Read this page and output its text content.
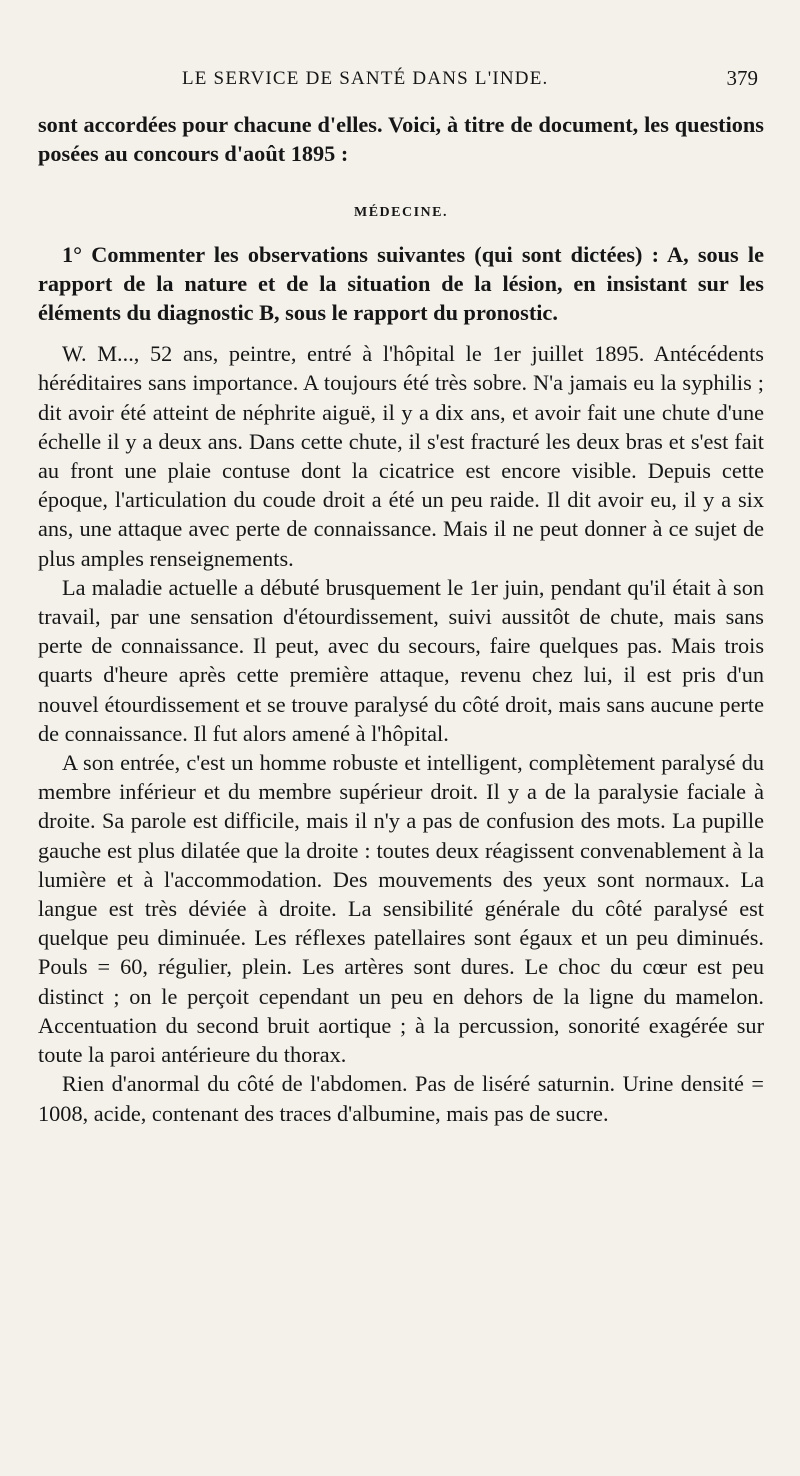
LE SERVICE DE SANTÉ DANS L'INDE.	379

sont accordées pour chacune d'elles. Voici, à titre de document, les questions posées au concours d'août 1895 :

MÉDECINE.

1° Commenter les observations suivantes (qui sont dictées) : A, sous le rapport de la nature et de la situation de la lésion, en insistant sur les éléments du diagnostic B, sous le rapport du pronostic.

W. M..., 52 ans, peintre, entré à l'hôpital le 1er juillet 1895. Antécédents héréditaires sans importance. A toujours été très sobre. N'a jamais eu la syphilis ; dit avoir été atteint de néphrite aiguë, il y a dix ans, et avoir fait une chute d'une échelle il y a deux ans. Dans cette chute, il s'est fracturé les deux bras et s'est fait au front une plaie contuse dont la cicatrice est encore visible. Depuis cette époque, l'articulation du coude droit a été un peu raide. Il dit avoir eu, il y a six ans, une attaque avec perte de connaissance. Mais il ne peut donner à ce sujet de plus amples renseignements.

La maladie actuelle a débuté brusquement le 1er juin, pendant qu'il était à son travail, par une sensation d'étourdissement, suivi aussitôt de chute, mais sans perte de connaissance. Il peut, avec du secours, faire quelques pas. Mais trois quarts d'heure après cette première attaque, revenu chez lui, il est pris d'un nouvel étourdissement et se trouve paralysé du côté droit, mais sans aucune perte de connaissance. Il fut alors amené à l'hôpital.

A son entrée, c'est un homme robuste et intelligent, complètement paralysé du membre inférieur et du membre supérieur droit. Il y a de la paralysie faciale à droite. Sa parole est difficile, mais il n'y a pas de confusion des mots. La pupille gauche est plus dilatée que la droite : toutes deux réagissent convenablement à la lumière et à l'accommodation. Des mouvements des yeux sont normaux. La langue est très déviée à droite. La sensibilité générale du côté paralysé est quelque peu diminuée. Les réflexes patellaires sont égaux et un peu diminués. Pouls = 60, régulier, plein. Les artères sont dures. Le choc du cœur est peu distinct ; on le perçoit cependant un peu en dehors de la ligne du mamelon. Accentuation du second bruit aortique ; à la percussion, sonorité exagérée sur toute la paroi antérieure du thorax.

Rien d'anormal du côté de l'abdomen. Pas de liséré saturnin. Urine densité = 1008, acide, contenant des traces d'albumine, mais pas de sucre.
